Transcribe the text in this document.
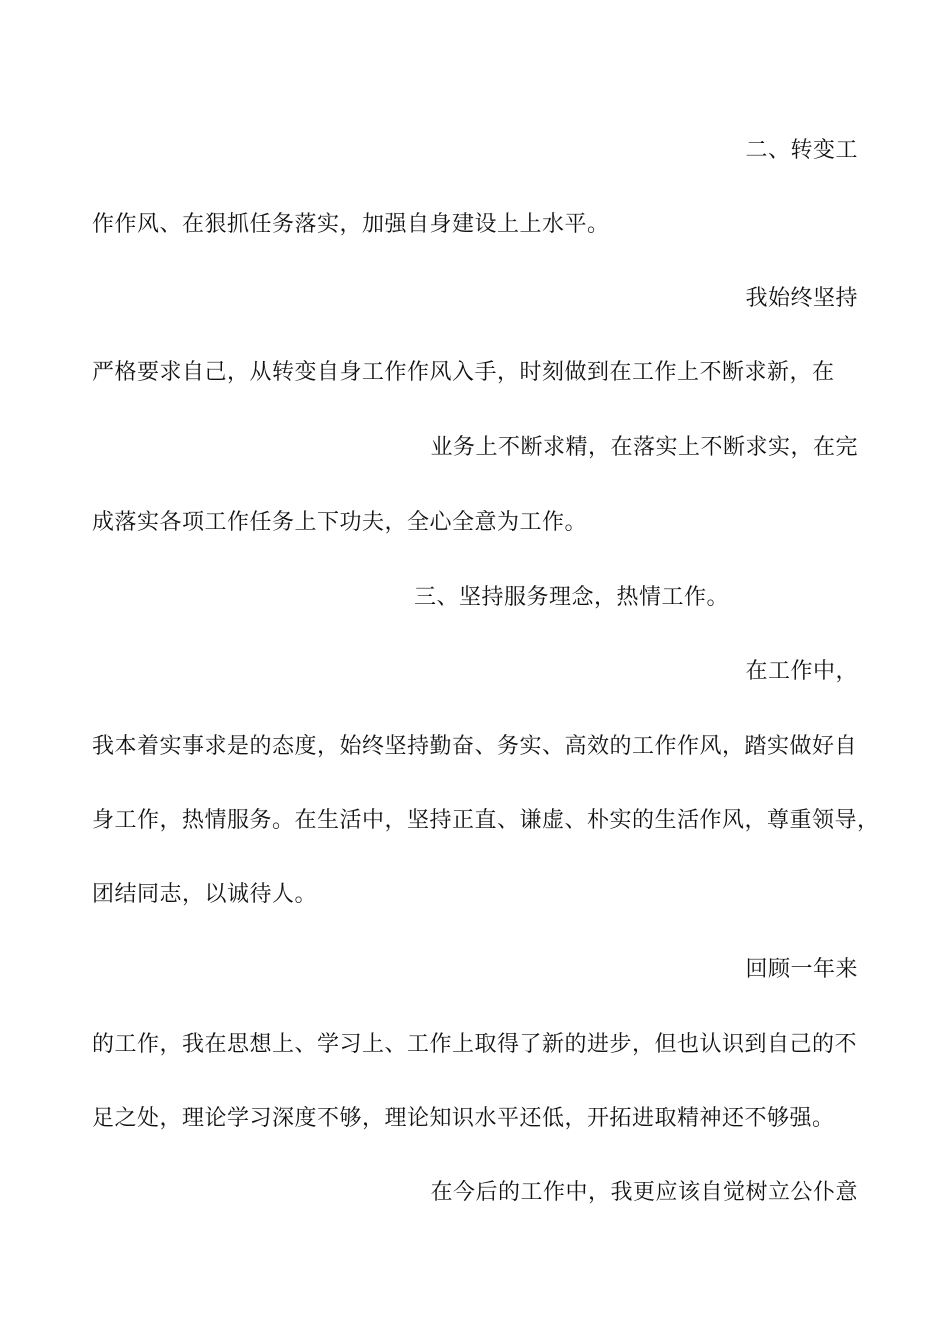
二、转变工
作作风、在狠抓任务落实，加强自身建设上上水平。
我始终坚持
严格要求自己，从转变自身工作作风入手，时刻做到在工作上不断求新，在
业务上不断求精，在落实上不断求实，在完
成落实各项工作任务上下功夫，全心全意为工作。
三、坚持服务理念，热情工作。
在工作中，
我本着实事求是的态度，始终坚持勤奋、务实、高效的工作作风，踏实做好自
身工作，热情服务。在生活中，坚持正直、谦虚、朴实的生活作风，尊重领导，
团结同志，以诚待人。
回顾一年来
的工作，我在思想上、学习上、工作上取得了新的进步，但也认识到自己的不
足之处，理论学习深度不够，理论知识水平还低，开拓进取精神还不够强。
在今后的工作中，我更应该自觉树立公仆意
